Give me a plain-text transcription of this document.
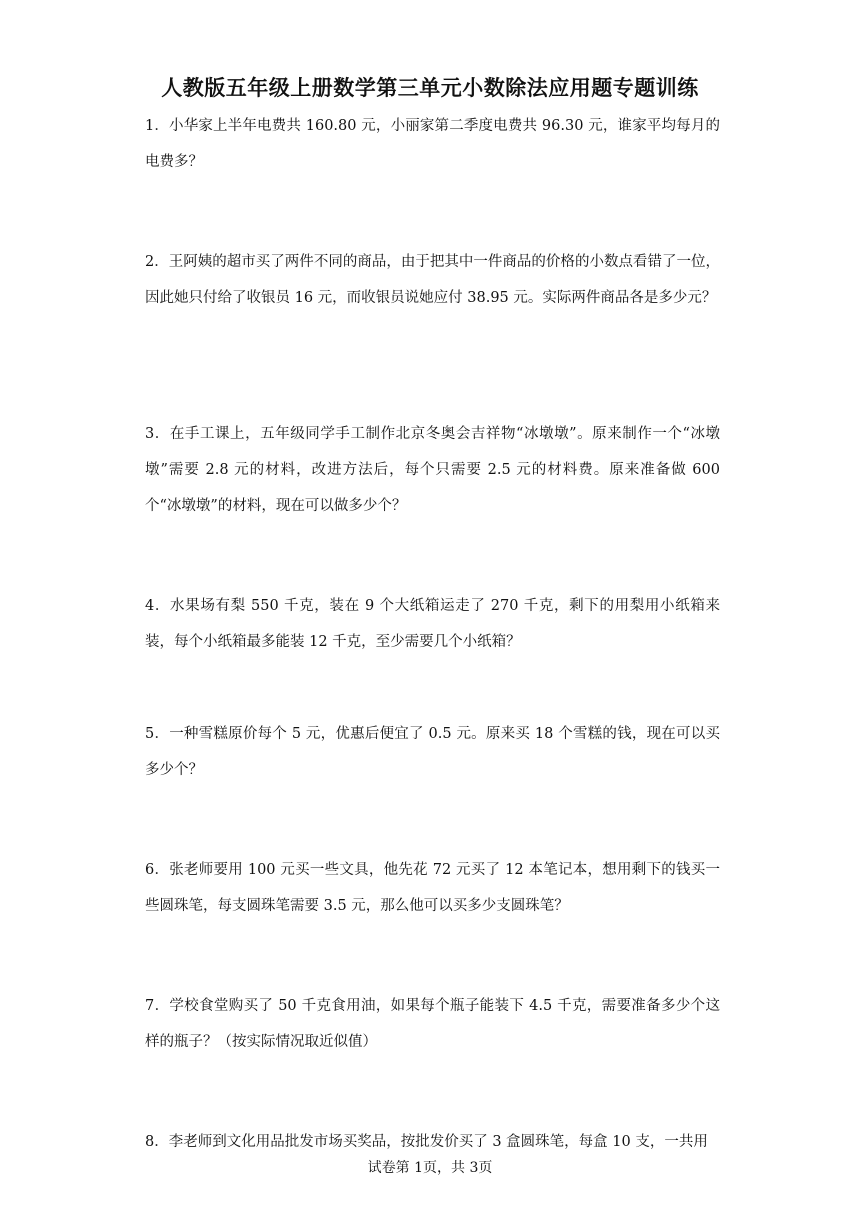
人教版五年级上册数学第三单元小数除法应用题专题训练
1．小华家上半年电费共 160.80 元，小丽家第二季度电费共 96.30 元，谁家平均每月的电费多？
2．王阿姨的超市买了两件不同的商品，由于把其中一件商品的价格的小数点看错了一位，因此她只付给了收银员 16 元，而收银员说她应付 38.95 元。实际两件商品各是多少元？
3．在手工课上，五年级同学手工制作北京冬奥会吉祥物“冰墩墩”。原来制作一个“冰墩墩”需要 2.8 元的材料，改进方法后，每个只需要 2.5 元的材料费。原来准备做 600 个“冰墩墩”的材料，现在可以做多少个？
4．水果场有梨 550 千克，装在 9 个大纸箱运走了 270 千克，剩下的用梨用小纸箱来装，每个小纸箱最多能装 12 千克，至少需要几个小纸箱？
5．一种雪糕原价每个 5 元，优惠后便宜了 0.5 元。原来买 18 个雪糕的钱，现在可以买多少个？
6．张老师要用 100 元买一些文具，他先花 72 元买了 12 本笔记本，想用剩下的钱买一些圆珠笔，每支圆珠笔需要 3.5 元，那么他可以买多少支圆珠笔？
7．学校食堂购买了 50 千克食用油，如果每个瓶子能装下 4.5 千克，需要准备多少个这样的瓶子？（按实际情况取近似值）
8．李老师到文化用品批发市场买奖品，按批发价买了 3 盒圆珠笔，每盒 10 支，一共用
试卷第 1页，共 3页
